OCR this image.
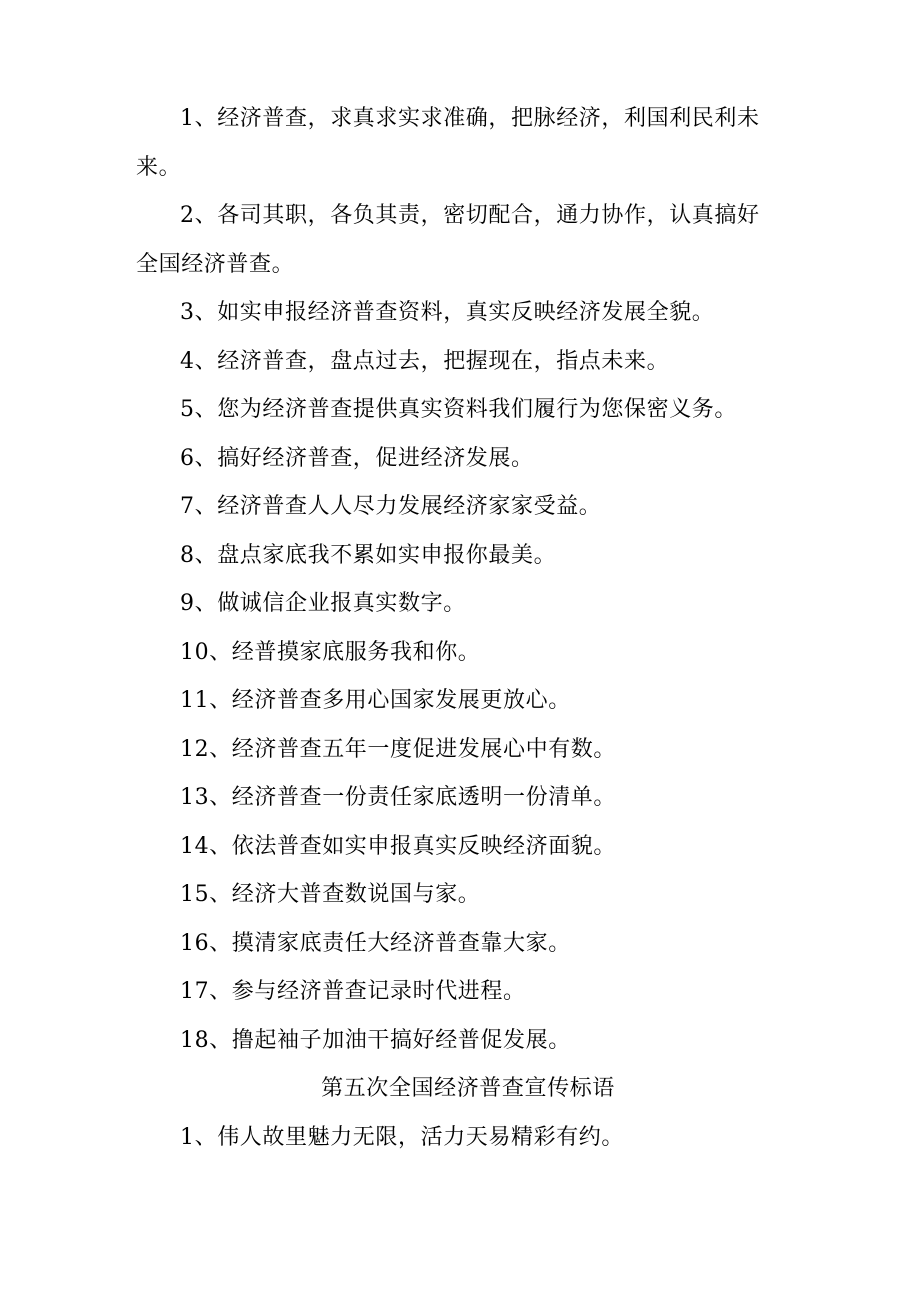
1、经济普查，求真求实求准确，把脉经济，利国利民利未来。

2、各司其职，各负其责，密切配合，通力协作，认真搞好全国经济普查。

3、如实申报经济普查资料，真实反映经济发展全貌。

4、经济普查，盘点过去，把握现在，指点未来。

5、您为经济普查提供真实资料我们履行为您保密义务。

6、搞好经济普查，促进经济发展。

7、经济普查人人尽力发展经济家家受益。

8、盘点家底我不累如实申报你最美。

9、做诚信企业报真实数字。

10、经普摸家底服务我和你。

11、经济普查多用心国家发展更放心。

12、经济普查五年一度促进发展心中有数。

13、经济普查一份责任家底透明一份清单。

14、依法普查如实申报真实反映经济面貌。

15、经济大普查数说国与家。

16、摸清家底责任大经济普查靠大家。

17、参与经济普查记录时代进程。

18、撸起袖子加油干搞好经普促发展。

第五次全国经济普查宣传标语

1、伟人故里魅力无限，活力天易精彩有约。
